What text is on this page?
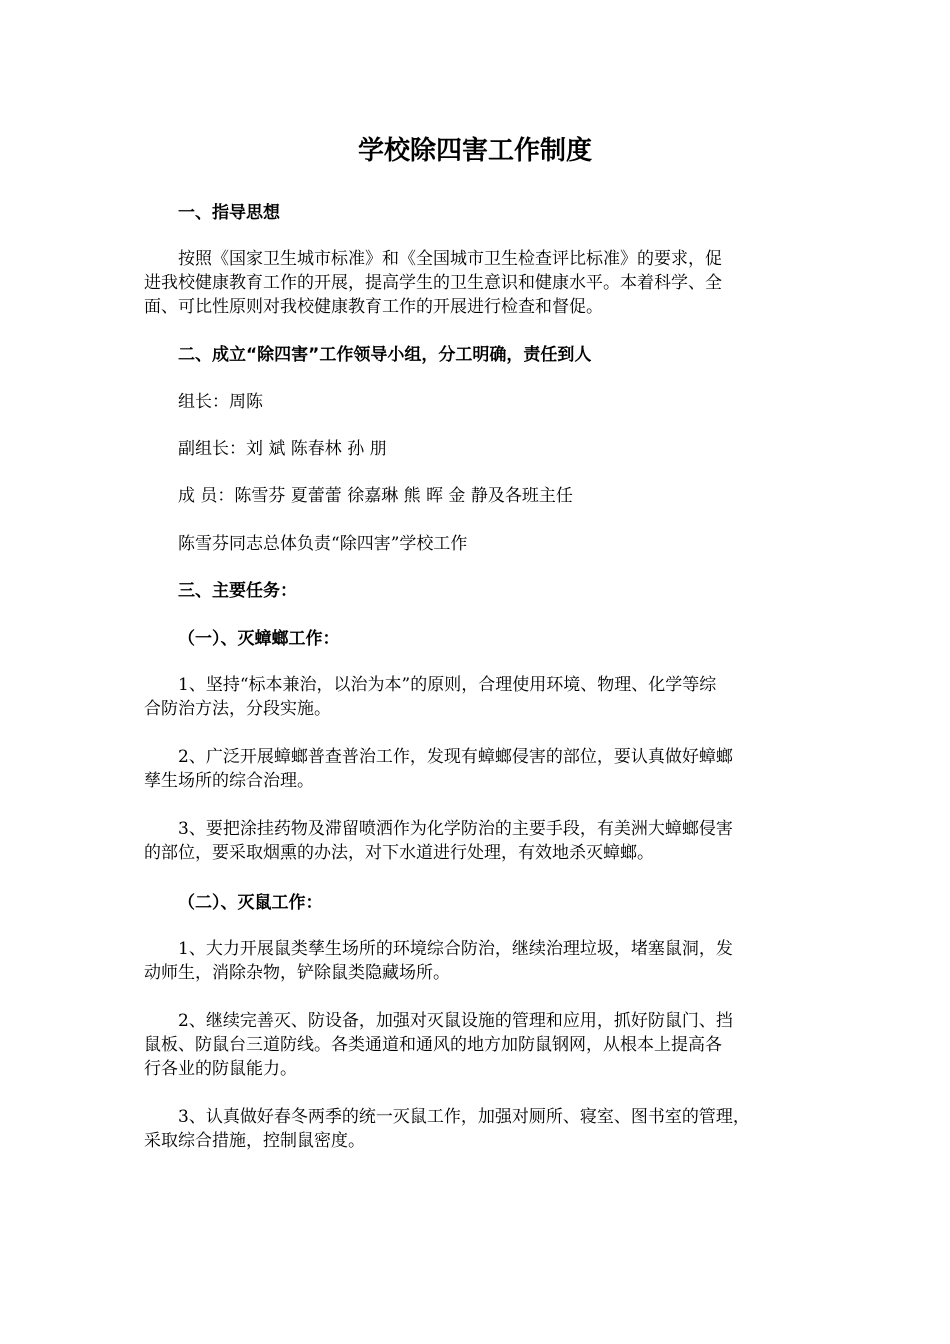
学校除四害工作制度

一、指导思想

按照《国家卫生城市标准》和《全国城市卫生检查评比标准》的要求，促
进我校健康教育工作的开展，提高学生的卫生意识和健康水平。本着科学、全
面、可比性原则对我校健康教育工作的开展进行检查和督促。

二、成立“除四害”工作领导小组，分工明确，责任到人

组长：周陈

副组长：刘 斌 陈春林 孙 朋

成 员：陈雪芬 夏蕾蕾 徐嘉琳 熊 晖 金 静及各班主任

陈雪芬同志总体负责“除四害”学校工作

三、主要任务：

（一）、灭蟑螂工作：

1、坚持“标本兼治，以治为本”的原则，合理使用环境、物理、化学等综
合防治方法，分段实施。
2、广泛开展蟑螂普查普治工作，发现有蟑螂侵害的部位，要认真做好蟑螂
孳生场所的综合治理。
3、要把涂挂药物及滞留喷洒作为化学防治的主要手段，有美洲大蟑螂侵害
的部位，要采取烟熏的办法，对下水道进行处理，有效地杀灭蟑螂。

（二）、灭鼠工作：

1、大力开展鼠类孳生场所的环境综合防治，继续治理垃圾，堵塞鼠洞，发
动师生，消除杂物，铲除鼠类隐藏场所。
2、继续完善灭、防设备，加强对灭鼠设施的管理和应用，抓好防鼠门、挡
鼠板、防鼠台三道防线。各类通道和通风的地方加防鼠钢网，从根本上提高各
行各业的防鼠能力。
3、认真做好春冬两季的统一灭鼠工作，加强对厕所、寝室、图书室的管理，
采取综合措施，控制鼠密度。
